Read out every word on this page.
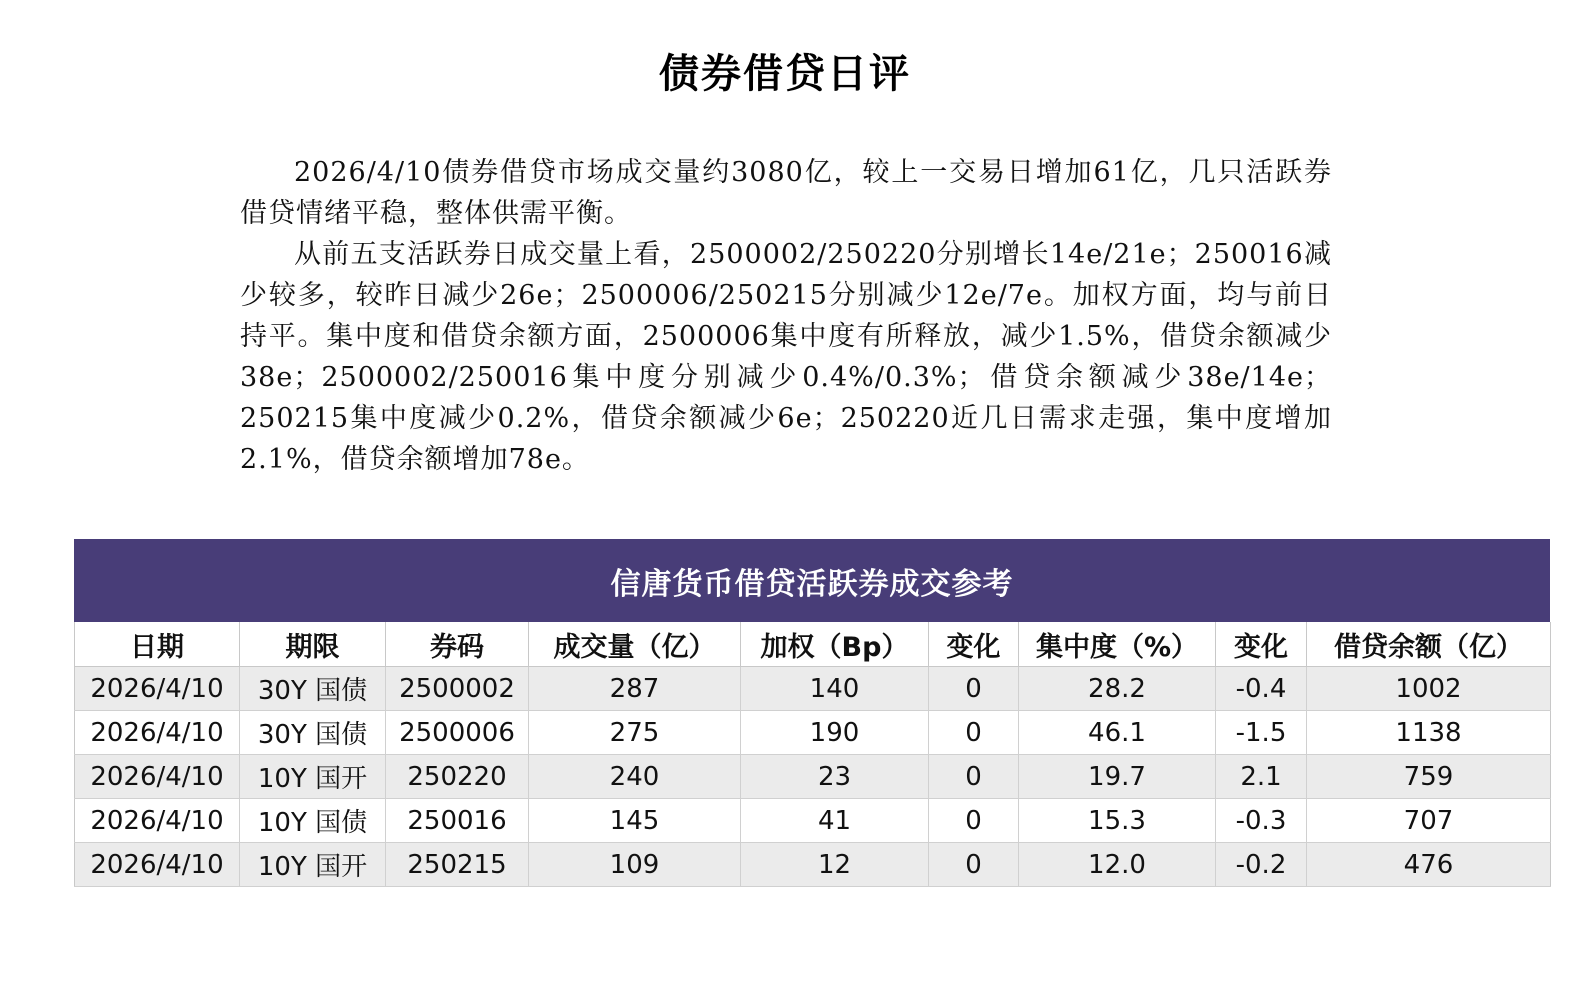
债券借贷日评

2026/4/10债券借贷市场成交量约3080亿，较上一交易日增加61亿，几只活跃券借贷情绪平稳，整体供需平衡。

从前五支活跃券日成交量上看，2500002/250220分别增长14e/21e；250016减少较多，较昨日减少26e；2500006/250215分别减少12e/7e。加权方面，均与前日持平。集中度和借贷余额方面，2500006集中度有所释放，减少1.5%，借贷余额减少38e；2500002/250016集中度分别减少0.4%/0.3%；借贷余额减少38e/14e；250215集中度减少0.2%，借贷余额减少6e；250220近几日需求走强，集中度增加2.1%，借贷余额增加78e。

信唐货币借贷活跃券成交参考
日期	期限	券码	成交量（亿）	加权（Bp）	变化	集中度（%）	变化	借贷余额（亿）
2026/4/10	30Y 国债	2500002	287	140	0	28.2	-0.4	1002
2026/4/10	30Y 国债	2500006	275	190	0	46.1	-1.5	1138
2026/4/10	10Y 国开	250220	240	23	0	19.7	2.1	759
2026/4/10	10Y 国债	250016	145	41	0	15.3	-0.3	707
2026/4/10	10Y 国开	250215	109	12	0	12.0	-0.2	476
